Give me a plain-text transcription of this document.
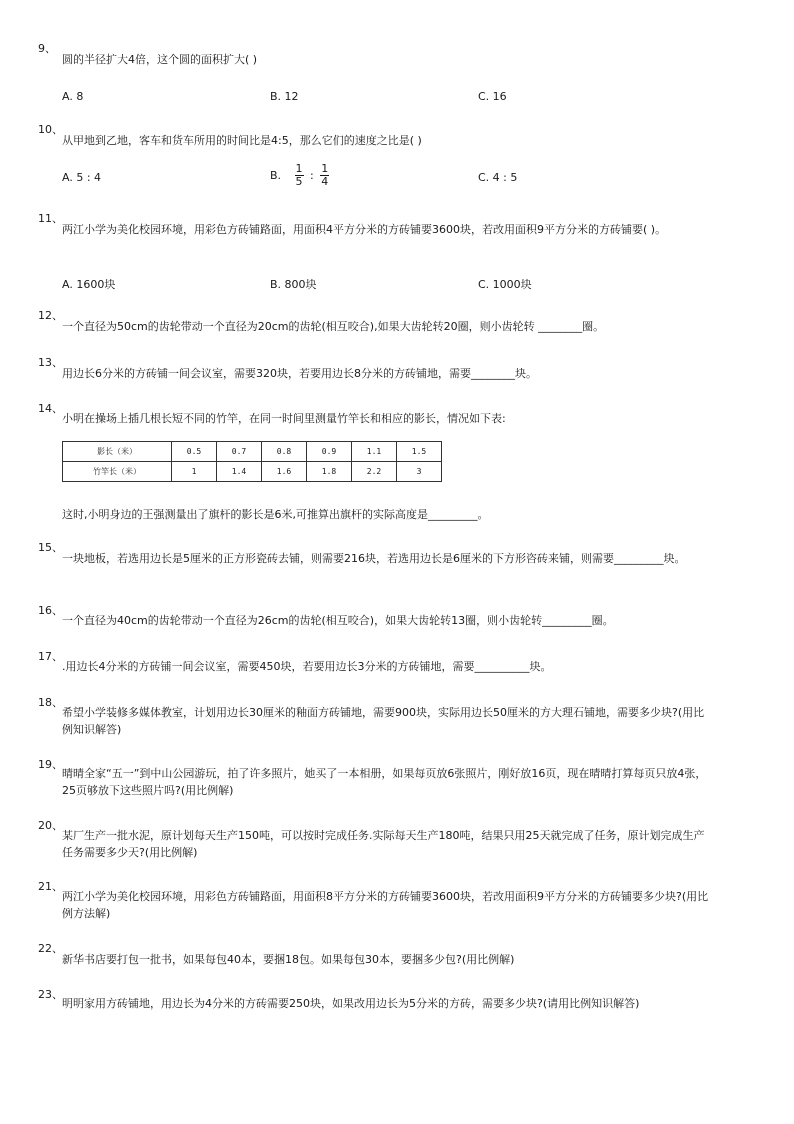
9、
圆的半径扩大4倍，这个圆的面积扩大( )
A. 8	B. 12	C. 16
10、
从甲地到乙地，客车和货车所用的时间比是4:5，那么它们的速度之比是( )
A. 5 : 4	B. $\frac{1}{5}$ : $\frac{1}{4}$	C. 4 : 5
11、
两江小学为美化校园环境，用彩色方砖铺路面，用面积4平方分米的方砖铺要3600块，若改用面积9平方分米的方砖铺要( )。
A. 1600块	B. 800块	C. 1000块
12、
一个直径为50cm的齿轮带动一个直径为20cm的齿轮(相互咬合),如果大齿轮转20圈，则小齿轮转 ________圈。
13、
用边长6分米的方砖铺一间会议室，需要320块，若要用边长8分米的方砖铺地，需要________块。
14、
小明在操场上插几根长短不同的竹竿，在同一时间里测量竹竿长和相应的影长，情况如下表:
影长（米）	0.5	0.7	0.8	0.9	1.1	1.5
竹竿长（米）	1	1.4	1.6	1.8	2.2	3
这时,小明身边的王强测量出了旗杆的影长是6米,可推算出旗杆的实际高度是_________。
15、
一块地板，若选用边长是5厘米的正方形瓷砖去铺，则需要216块，若选用边长是6厘米的下方形咨砖来铺，则需要_________块。
16、
一个直径为40cm的齿轮带动一个直径为26cm的齿轮(相互咬合)，如果大齿轮转13圈，则小齿轮转_________圈。
17、
.用边长4分米的方砖铺一间会议室，需要450块，若要用边长3分米的方砖铺地，需要__________块。
18、
希望小学装修多媒体教室，计划用边长30厘米的釉面方砖铺地，需要900块，实际用边长50厘米的方大理石铺地，需要多少块?(用比例知识解答)
19、
晴晴全家“五一”到中山公园游玩，拍了许多照片，她买了一本相册，如果每页放6张照片，刚好放16页，现在晴晴打算每页只放4张，25页够放下这些照片吗?(用比例解)
20、
某厂生产一批水泥，原计划每天生产150吨，可以按时完成任务.实际每天生产180吨，结果只用25天就完成了任务，原计划完成生产任务需要多少天?(用比例解)
21、
两江小学为美化校园环境，用彩色方砖铺路面，用面积8平方分米的方砖铺要3600块，若改用面积9平方分米的方砖铺要多少块?(用比例方法解)
22、
新华书店要打包一批书，如果每包40本，要捆18包。如果每包30本，要捆多少包?(用比例解)
23、
明明家用方砖铺地，用边长为4分米的方砖需要250块，如果改用边长为5分米的方砖，需要多少块?(请用比例知识解答)
